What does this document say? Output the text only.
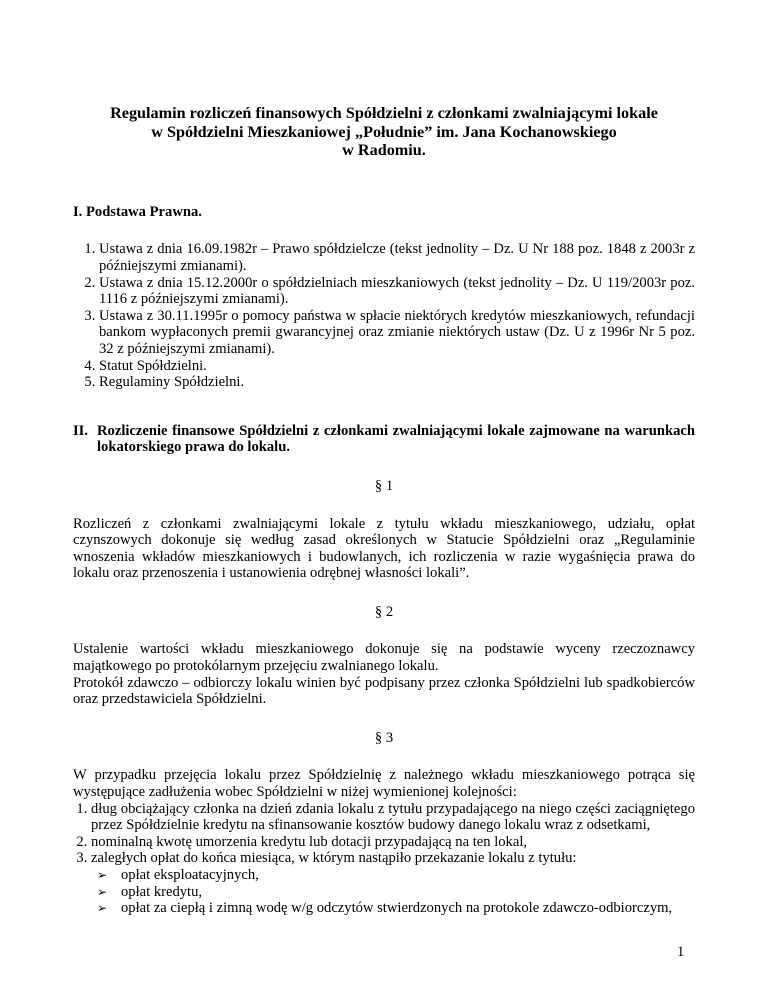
Regulamin rozliczeń finansowych Spółdzielni z członkami zwalniającymi lokale
w Spółdzielni Mieszkaniowej „Południe” im. Jana Kochanowskiego
w Radomiu.

I. Podstawa Prawna.

1. Ustawa z dnia 16.09.1982r – Prawo spółdzielcze (tekst jednolity – Dz. U Nr 188 poz. 1848 z 2003r z późniejszymi zmianami).
2. Ustawa z dnia 15.12.2000r o spółdzielniach mieszkaniowych (tekst jednolity – Dz. U 119/2003r poz. 1116 z późniejszymi zmianami).
3. Ustawa z 30.11.1995r o pomocy państwa w spłacie niektórych kredytów mieszkaniowych, refundacji bankom wypłaconych premii gwarancyjnej oraz zmianie niektórych ustaw (Dz. U z 1996r Nr 5 poz. 32 z późniejszymi zmianami).
4. Statut Spółdzielni.
5. Regulaminy Spółdzielni.
II. Rozliczenie finansowe Spółdzielni z członkami zwalniającymi lokale zajmowane na warunkach lokatorskiego prawa do lokalu.
§ 1

Rozliczeń z członkami zwalniającymi lokale z tytułu wkładu mieszkaniowego, udziału, opłat czynszowych dokonuje się według zasad określonych w Statucie Spółdzielni oraz „Regulaminie wnoszenia wkładów mieszkaniowych i budowlanych, ich rozliczenia w razie wygaśnięcia prawa do lokalu oraz przenoszenia i ustanowienia odrębnej własności lokali”.

§ 2

Ustalenie wartości wkładu mieszkaniowego dokonuje się na podstawie wyceny rzeczoznawcy majątkowego po protokólarnym przejęciu zwalnianego lokalu.

Protokół zdawczo – odbiorczy lokalu winien być podpisany przez członka Spółdzielni lub spadkobierców oraz przedstawiciela Spółdzielni.

§ 3

W przypadku przejęcia lokalu przez Spółdzielnię z należnego wkładu mieszkaniowego potrąca się występujące zadłużenia wobec Spółdzielni w niżej wymienionej kolejności:

1. dług obciążający członka na dzień zdania lokalu z tytułu przypadającego na niego części zaciągniętego przez Spółdzielnie kredytu na sfinansowanie kosztów budowy danego lokalu wraz z odsetkami,
2. nominalną kwotę umorzenia kredytu lub dotacji przypadającą na ten lokal,
3. zaległych opłat do końca miesiąca, w którym nastąpiło przekazanie lokalu z tytułu:
➢ opłat eksploatacyjnych,
➢ opłat kredytu,
➢ opłat za ciepłą i zimną wodę w/g odczytów stwierdzonych na protokole zdawczo-odbiorczym,
1
